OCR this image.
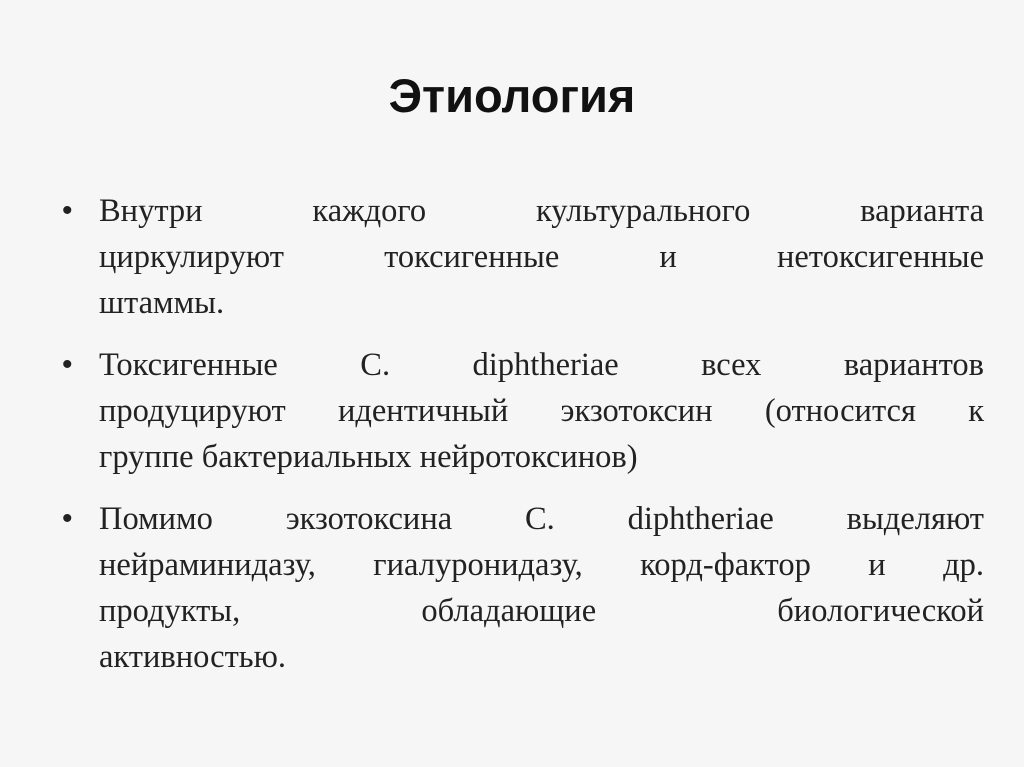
Этиология
• Внутри каждого культурального варианта
циркулируют токсигенные и нетоксигенные
штаммы.
• Токсигенные C. diphtheriae всех вариантов
продуцируют идентичный экзотоксин (относится к
группе бактериальных нейротоксинов)
• Помимо экзотоксина C. diphtheriae выделяют
нейраминидазу, гиалуронидазу, корд-фактор и др.
продукты, обладающие биологической
активностью.
